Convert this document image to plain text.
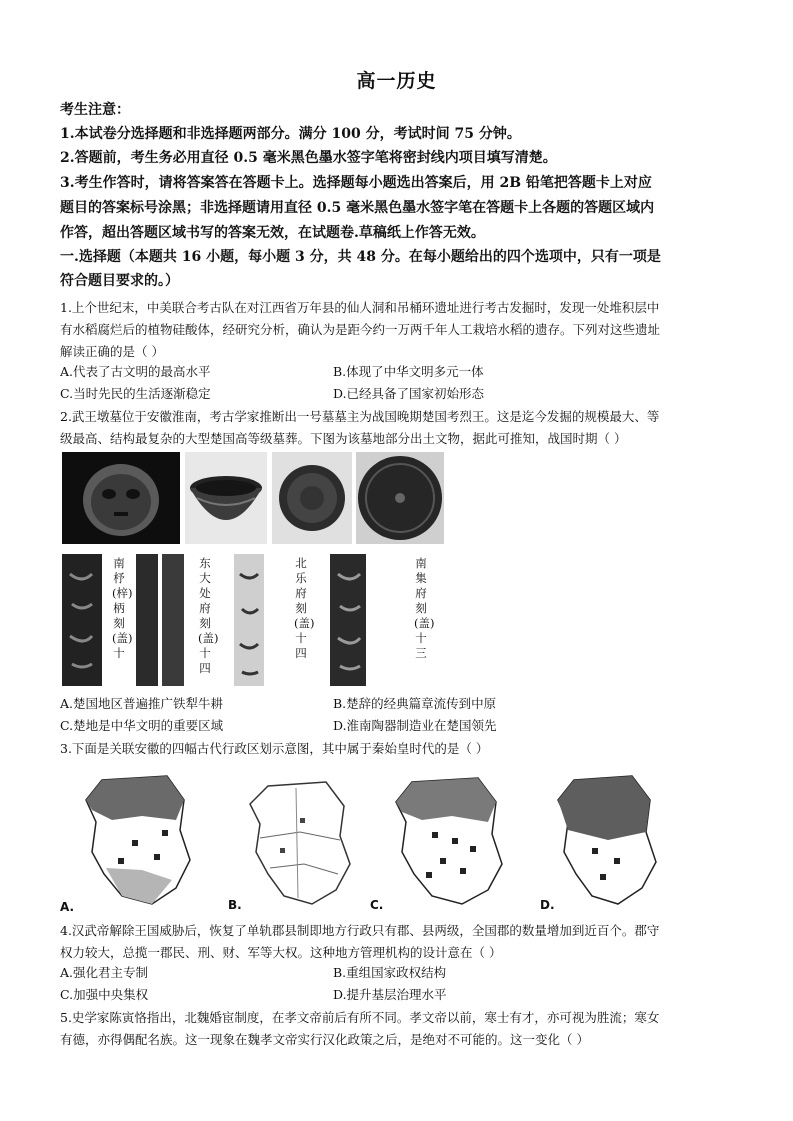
高一历史
考生注意：
1.本试卷分选择题和非选择题两部分。满分 100 分，考试时间 75 分钟。
2.答题前，考生务必用直径 0.5 毫米黑色墨水签字笔将密封线内项目填写清楚。
3.考生作答时，请将答案答在答题卡上。选择题每小题选出答案后，用 2B 铅笔把答题卡上对应
题目的答案标号涂黑；非选择题请用直径 0.5 毫米黑色墨水签字笔在答题卡上各题的答题区域内
作答，超出答题区域书写的答案无效，在试题卷.草稿纸上作答无效。
一.选择题（本题共 16 小题，每小题 3 分，共 48 分。在每小题给出的四个选项中，只有一项是
符合题目要求的。）
1.上个世纪末，中美联合考古队在对江西省万年县的仙人洞和吊桶环遗址进行考古发掘时，发现一处堆积层中
有水稻腐烂后的植物硅酸体，经研究分析，确认为是距今约一万两千年人工栽培水稻的遗存。下列对这些遗址
解读正确的是（ ）
A.代表了古文明的最高水平	B.体现了中华文明多元一体
C.当时先民的生活逐渐稳定	D.已经具备了国家初始形态
2.武王墩墓位于安徽淮南，考古学家推断出一号墓墓主为战国晚期楚国考烈王。这是迄今发掘的规模最大、等
级最高、结构最复杂的大型楚国高等级墓葬。下图为该墓地部分出土文物，据此可推知，战国时期（ ）
南杼(梓)柄刻(盖)十
东大处府刻(盖)十四
北乐府刻(盖)十四
南集府刻(盖)十三
A.楚国地区普遍推广铁犁牛耕	B.楚辞的经典篇章流传到中原
C.楚地是中华文明的重要区域	D.淮南陶器制造业在楚国领先
3.下面是关联安徽的四幅古代行政区划示意图，其中属于秦始皇时代的是（ ）
A.	B.	C.	D.
4.汉武帝解除王国威胁后，恢复了单轨郡县制即地方行政只有郡、县两级，全国郡的数量增加到近百个。郡守
权力较大，总揽一郡民、刑、财、军等大权。这种地方管理机构的设计意在（ ）
A.强化君主专制	B.重组国家政权结构
C.加强中央集权	D.提升基层治理水平
5.史学家陈寅恪指出，北魏婚宦制度，在孝文帝前后有所不同。孝文帝以前，寒士有才，亦可视为胜流；寒女
有德，亦得偶配名族。这一现象在魏孝文帝实行汉化政策之后，是绝对不可能的。这一变化（ ）
